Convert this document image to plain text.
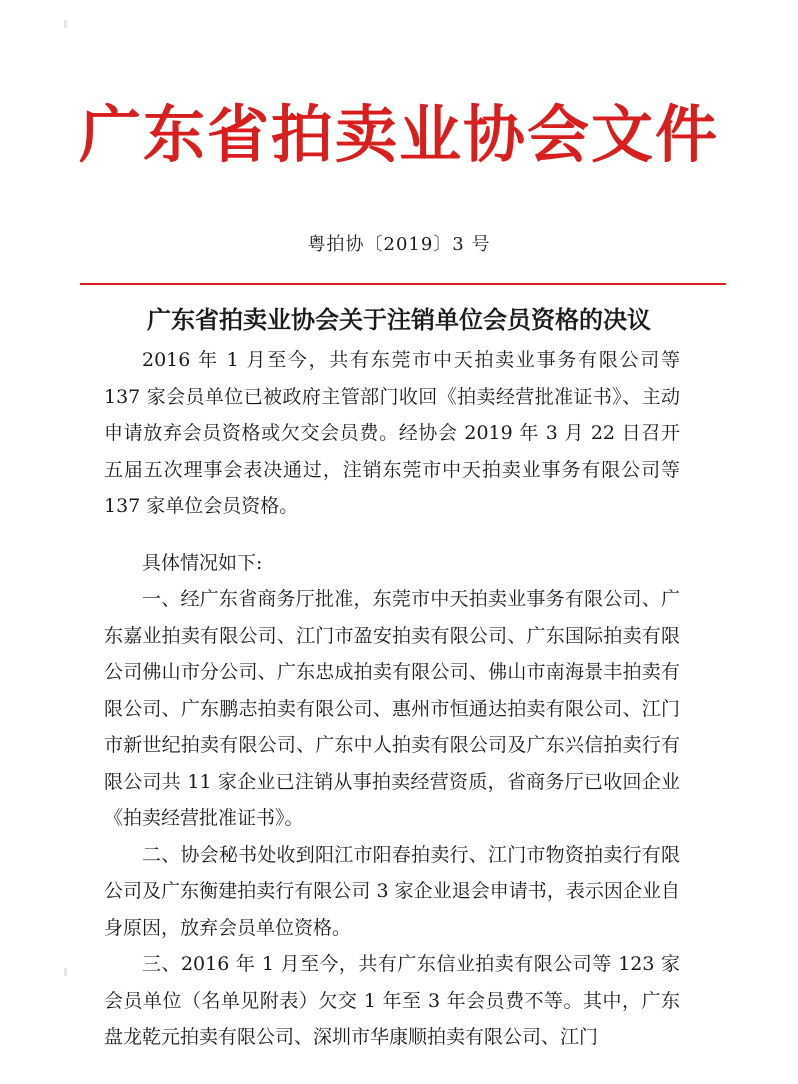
广东省拍卖业协会文件
粤拍协〔2019〕3 号
广东省拍卖业协会关于注销单位会员资格的决议

2016 年 1 月至今，共有东莞市中天拍卖业事务有限公司等 137 家会员单位已被政府主管部门收回《拍卖经营批准证书》、主动申请放弃会员资格或欠交会员费。经协会 2019 年 3 月 22 日召开五届五次理事会表决通过，注销东莞市中天拍卖业事务有限公司等 137 家单位会员资格。

具体情况如下:

一、经广东省商务厅批准，东莞市中天拍卖业事务有限公司、广东嘉业拍卖有限公司、江门市盈安拍卖有限公司、广东国际拍卖有限公司佛山市分公司、广东忠成拍卖有限公司、佛山市南海景丰拍卖有限公司、广东鹏志拍卖有限公司、惠州市恒通达拍卖有限公司、江门市新世纪拍卖有限公司、广东中人拍卖有限公司及广东兴信拍卖行有限公司共 11 家企业已注销从事拍卖经营资质，省商务厅已收回企业《拍卖经营批准证书》。

二、协会秘书处收到阳江市阳春拍卖行、江门市物资拍卖行有限公司及广东衡建拍卖行有限公司 3 家企业退会申请书，表示因企业自身原因，放弃会员单位资格。

三、2016 年 1 月至今，共有广东信业拍卖有限公司等 123 家会员单位（名单见附表）欠交 1 年至 3 年会员费不等。其中，广东盘龙乾元拍卖有限公司、深圳市华康顺拍卖有限公司、江门
